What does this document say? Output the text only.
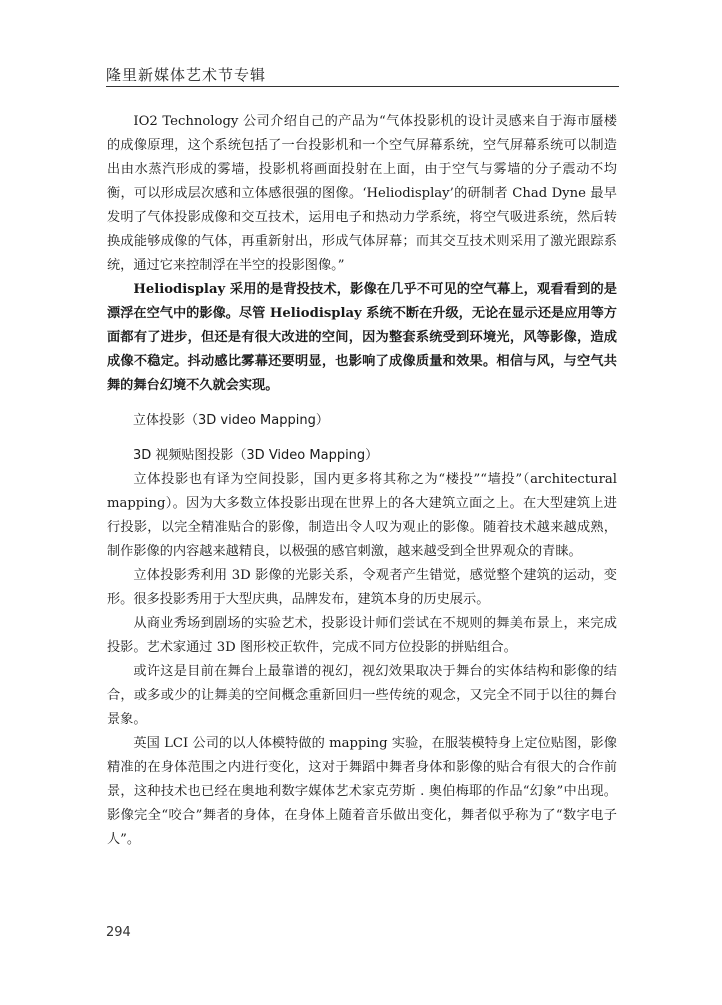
隆里新媒体艺术节专辑

IO2 Technology 公司介绍自己的产品为“气体投影机的设计灵感来自于海市蜃楼的成像原理，这个系统包括了一台投影机和一个空气屏幕系统，空气屏幕系统可以制造出由水蒸汽形成的雾墙，投影机将画面投射在上面，由于空气与雾墙的分子震动不均衡，可以形成层次感和立体感很强的图像。‘Heliodisplay’的研制者 Chad Dyne 最早发明了气体投影成像和交互技术，运用电子和热动力学系统，将空气吸进系统，然后转换成能够成像的气体，再重新射出，形成气体屏幕；而其交互技术则采用了激光跟踪系统，通过它来控制浮在半空的投影图像。”

Heliodisplay 采用的是背投技术，影像在几乎不可见的空气幕上，观看看到的是漂浮在空气中的影像。尽管 Heliodisplay 系统不断在升级，无论在显示还是应用等方面都有了进步，但还是有很大改进的空间，因为整套系统受到环境光，风等影像，造成成像不稳定。抖动感比雾幕还要明显，也影响了成像质量和效果。相信与风，与空气共舞的舞台幻境不久就会实现。

立体投影（3D video Mapping）
3D 视频贴图投影（3D Video Mapping）

立体投影也有译为空间投影，国内更多将其称之为“楼投”“墙投”（architectural mapping）。因为大多数立体投影出现在世界上的各大建筑立面之上。在大型建筑上进行投影，以完全精准贴合的影像，制造出令人叹为观止的影像。随着技术越来越成熟，制作影像的内容越来越精良，以极强的感官刺激，越来越受到全世界观众的青睐。

立体投影秀利用 3D 影像的光影关系，令观者产生错觉，感觉整个建筑的运动，变形。很多投影秀用于大型庆典，品牌发布，建筑本身的历史展示。

从商业秀场到剧场的实验艺术，投影设计师们尝试在不规则的舞美布景上，来完成投影。艺术家通过 3D 图形校正软件，完成不同方位投影的拼贴组合。

或许这是目前在舞台上最靠谱的视幻，视幻效果取决于舞台的实体结构和影像的结合，或多或少的让舞美的空间概念重新回归一些传统的观念，又完全不同于以往的舞台景象。

英国 LCI 公司的以人体模特做的 mapping 实验，在服装模特身上定位贴图，影像精准的在身体范围之内进行变化，这对于舞蹈中舞者身体和影像的贴合有很大的合作前景，这种技术也已经在奥地利数字媒体艺术家克劳斯 . 奥伯梅耶的作品“幻象”中出现。影像完全“咬合”舞者的身体，在身体上随着音乐做出变化，舞者似乎称为了“数字电子人”。

294
